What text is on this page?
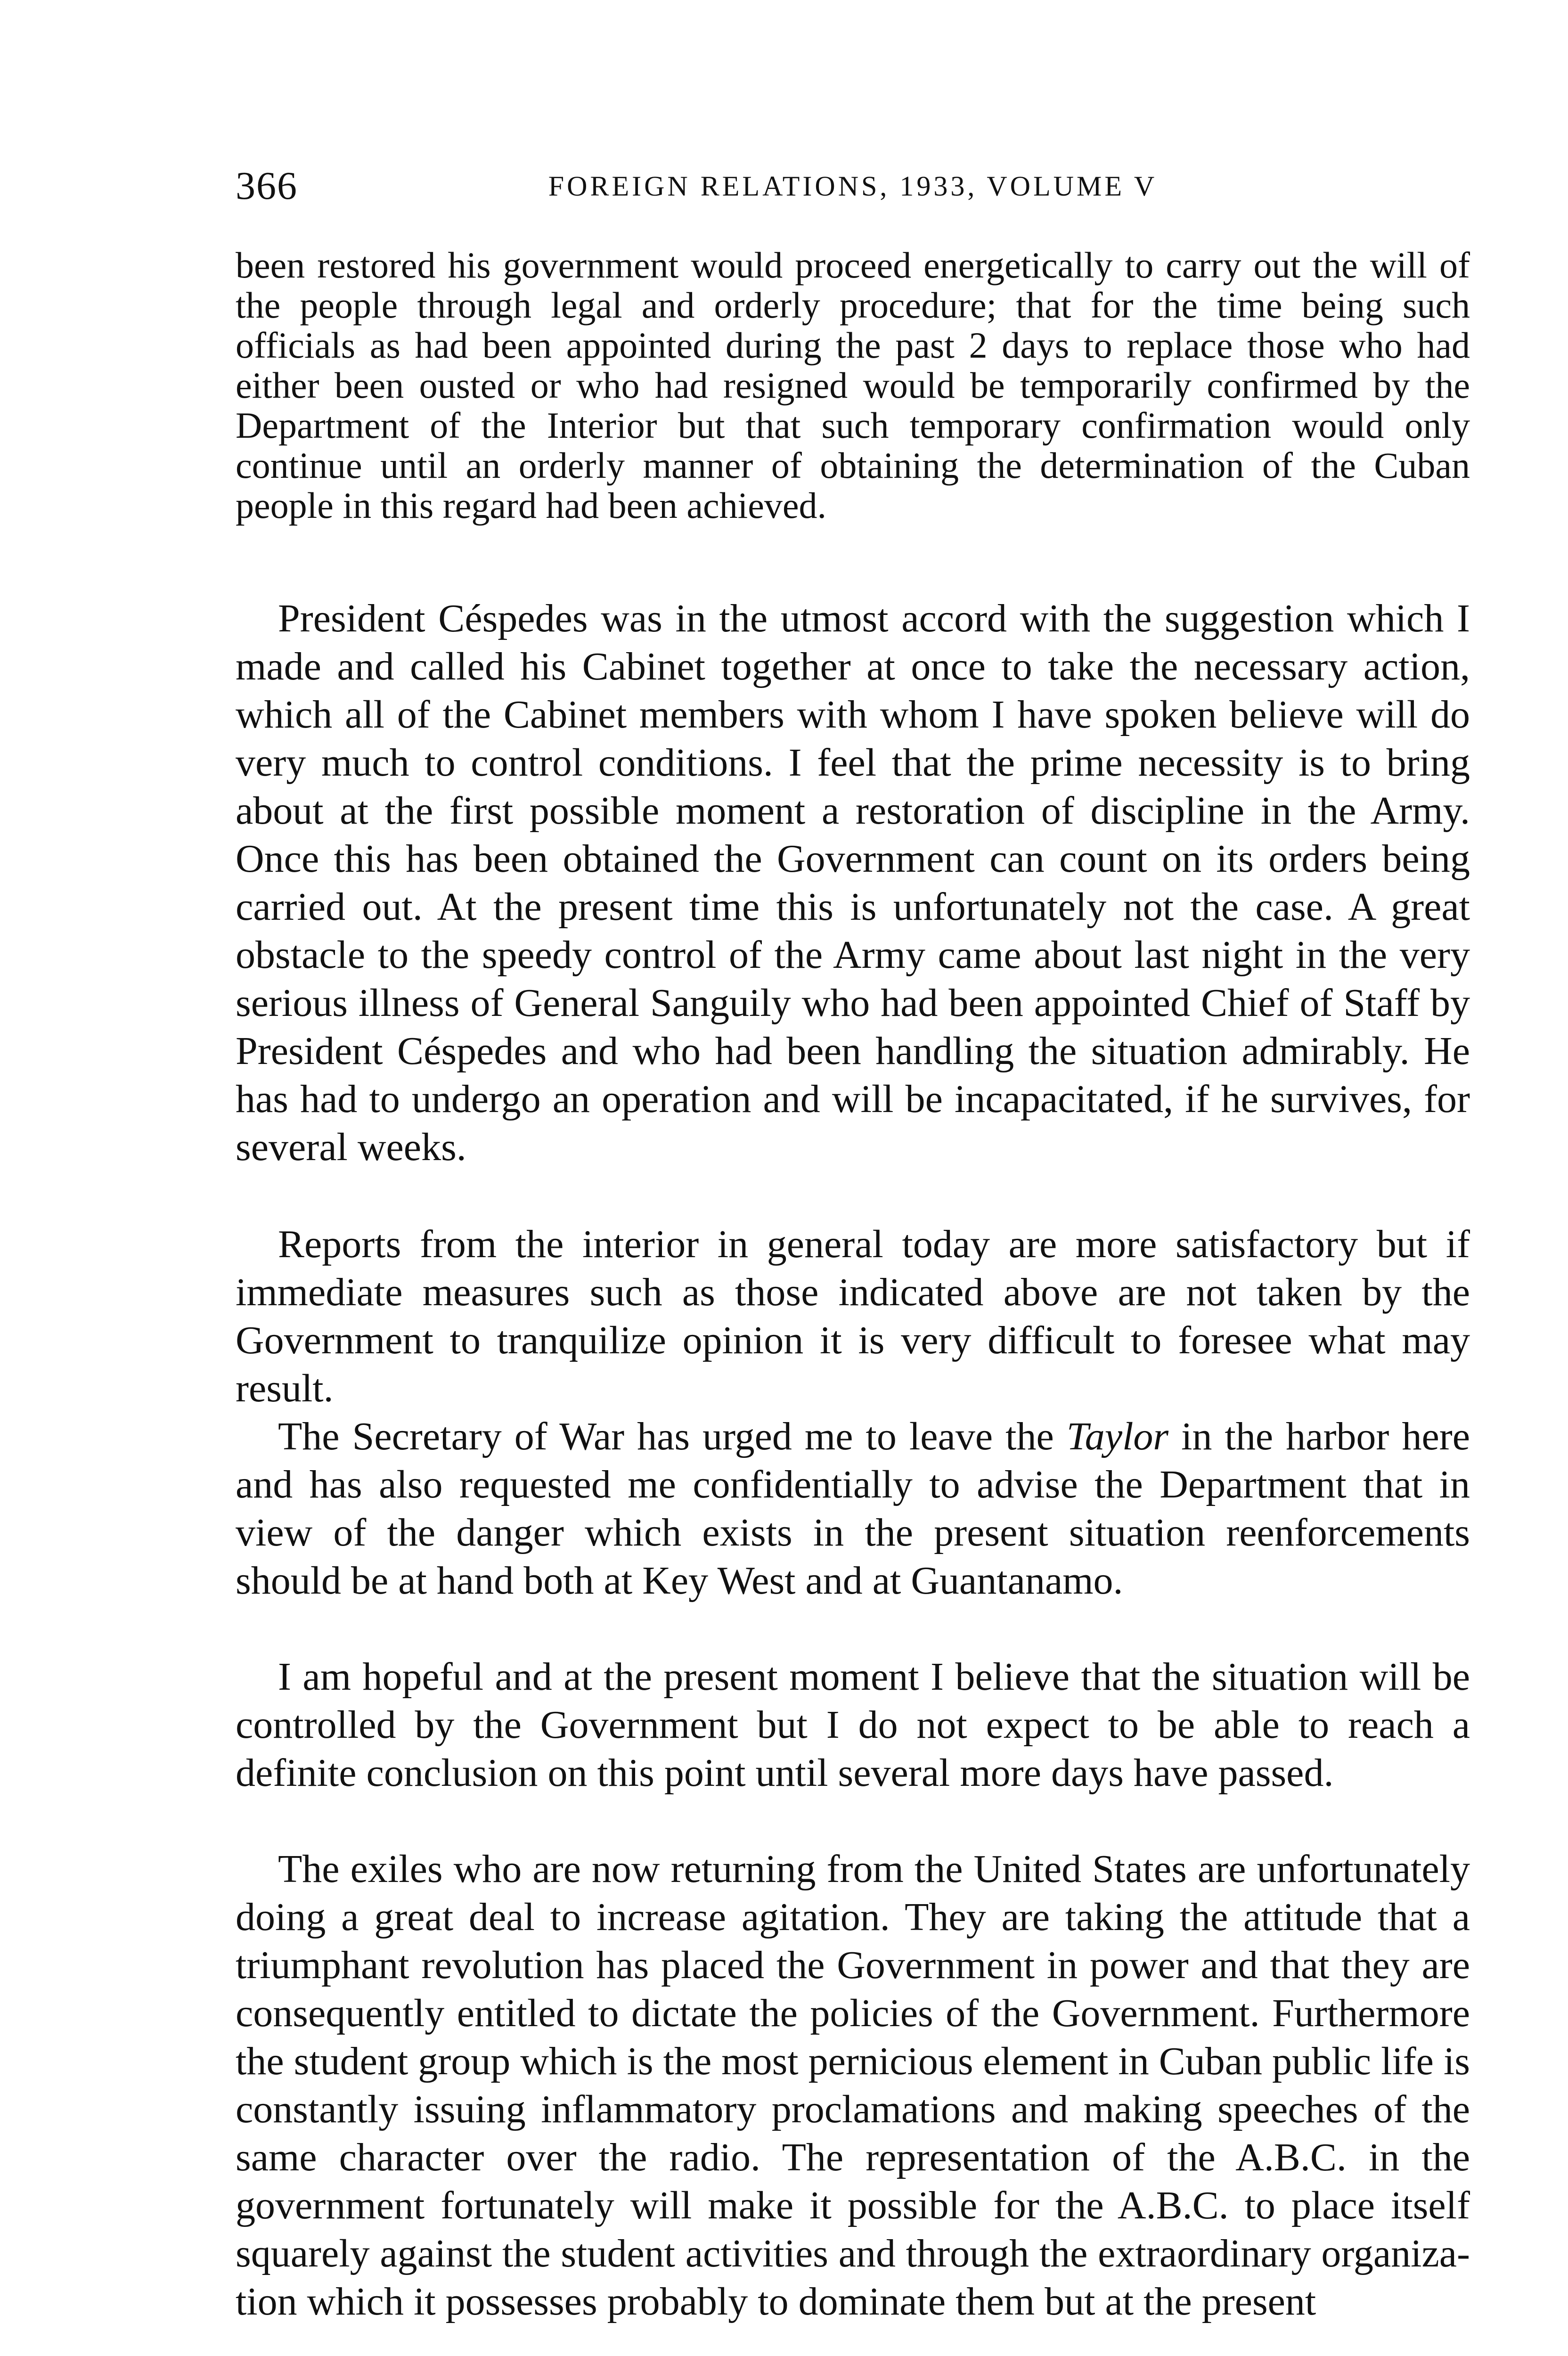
366	FOREIGN RELATIONS, 1933, VOLUME V

been restored his government would proceed energetically to carry out the will of the people through legal and orderly procedure; that for the time being such officials as had been appointed during the past 2 days to replace those who had either been ousted or who had resigned would be temporarily confirmed by the Department of the Interior but that such temporary confirmation would only continue until an orderly manner of obtaining the determination of the Cuban people in this regard had been achieved.

President Céspedes was in the utmost accord with the suggestion which I made and called his Cabinet together at once to take the necessary action, which all of the Cabinet members with whom I have spoken believe will do very much to control conditions. I feel that the prime necessity is to bring about at the first possible moment a restoration of discipline in the Army. Once this has been obtained the Government can count on its orders being carried out. At the present time this is unfortunately not the case. A great obstacle to the speedy control of the Army came about last night in the very serious illness of General Sanguily who had been appointed Chief of Staff by President Céspedes and who had been handling the situation admirably. He has had to undergo an operation and will be incapacitated, if he survives, for several weeks.

Reports from the interior in general today are more satisfactory but if immediate measures such as those indicated above are not taken by the Government to tranquilize opinion it is very difficult to foresee what may result.

The Secretary of War has urged me to leave the Taylor in the harbor here and has also requested me confidentially to advise the Department that in view of the danger which exists in the present situation reenforcements should be at hand both at Key West and at Guantanamo.

I am hopeful and at the present moment I believe that the situation will be controlled by the Government but I do not expect to be able to reach a definite conclusion on this point until several more days have passed.

The exiles who are now returning from the United States are unfortunately doing a great deal to increase agitation. They are taking the attitude that a triumphant revolution has placed the Government in power and that they are consequently entitled to dictate the policies of the Government. Furthermore the student group which is the most pernicious element in Cuban public life is constantly issuing inflammatory proclamations and making speeches of the same character over the radio. The representation of the A.B.C. in the government fortunately will make it possible for the A.B.C. to place itself squarely against the student activities and through the extraordinary organization which it possesses probably to dominate them but at the present
